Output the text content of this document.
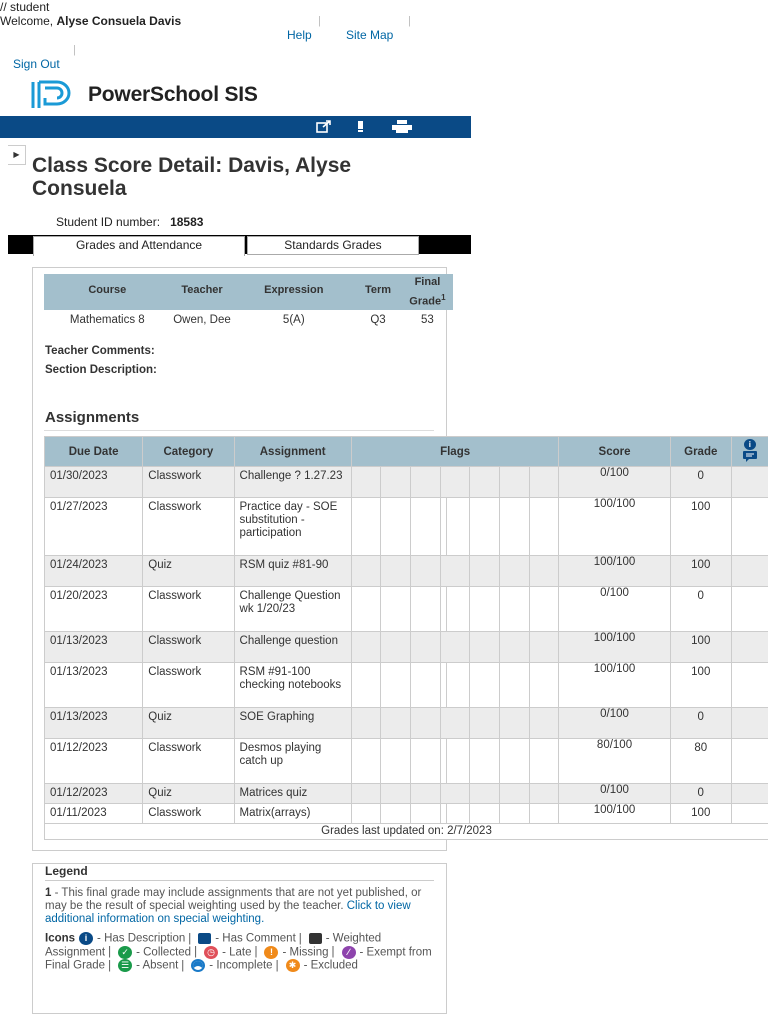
// student
Welcome, Alyse Consuela Davis	|	|
Help	Site Map
|
Sign Out
PowerSchool SIS
▶ Class Score Detail: Davis, Alyse Consuela
Student ID number: 18583
Grades and Attendance	Standards Grades
Course	Teacher	Expression	Term	Final Grade$^1$
Mathematics 8	Owen, Dee	5(A)	Q3	53
Teacher Comments:
Section Description:
Assignments
Due Date	Category	Assignment	Flags							Score	Grade	i

01/30/2023	Classwork	Challenge ? 1.27.23								0/100	0	
01/27/2023	Classwork	Practice day - SOE substitution - participation								100/100	100	
01/24/2023	Quiz	RSM quiz #81-90								100/100	100	
01/20/2023	Classwork	Challenge Question wk 1/20/23								0/100	0	
01/13/2023	Classwork	Challenge question								100/100	100	
01/13/2023	Classwork	RSM #91-100 checking notebooks								100/100	100	
01/13/2023	Quiz	SOE Graphing								0/100	0	
01/12/2023	Classwork	Desmos playing catch up								80/100	80	
01/12/2023	Quiz	Matrices quiz								0/100	0	
01/11/2023	Classwork	Matrix(arrays)								100/100	100	
Grades last updated on: 2/7/2023												
Legend
1 - This final grade may include assignments that are not yet published, or may be the result of special weighting used by the teacher. Click to view additional information on special weighting.
Icons i - Has Description | - Has Comment | - Weighted Assignment | ✓ - Collected | ◷ - Late | ! - Missing | ∕ - Exempt from Final Grade | ☰ - Absent | - Incomplete | ✱ - Excluded
